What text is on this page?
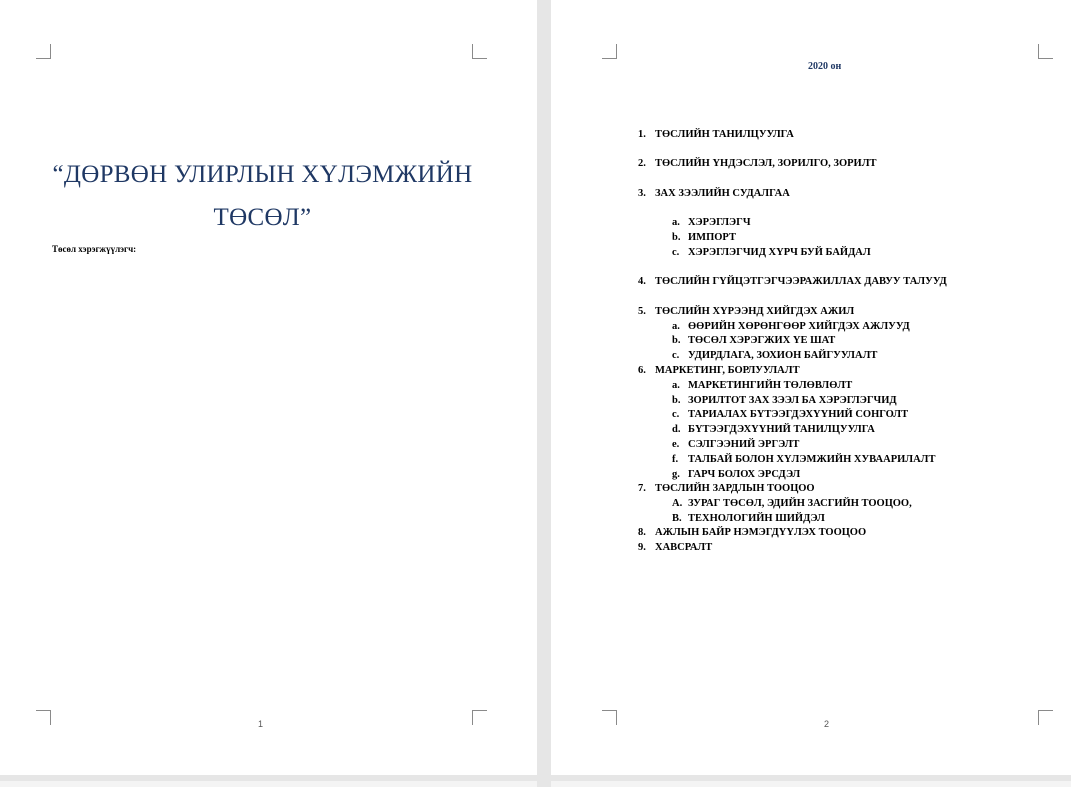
“ДӨРВӨН УЛИРЛЫН ХҮЛЭМЖИЙН
ТӨСӨЛ”
Төсөл хэрэгжүүлэгч:
1
2020 он
1. ТӨСЛИЙН ТАНИЛЦУУЛГА
2. ТӨСЛИЙН ҮНДЭСЛЭЛ, ЗОРИЛГО, ЗОРИЛТ
3. ЗАХ ЗЭЭЛИЙН СУДАЛГАА
a. ХЭРЭГЛЭГЧ
b. ИМПОРТ
c. ХЭРЭГЛЭГЧИД ХҮРЧ БУЙ БАЙДАЛ
4. ТӨСЛИЙН ГҮЙЦЭТГЭГЧЭЭРАЖИЛЛАХ ДАВУУ ТАЛУУД
5. ТӨСЛИЙН ХҮРЭЭНД ХИЙГДЭХ АЖИЛ
a. ӨӨРИЙН ХӨРӨНГӨӨР ХИЙГДЭХ АЖЛУУД
b. ТӨСӨЛ ХЭРЭГЖИХ ҮЕ ШАТ
c. УДИРДЛАГА, ЗОХИОН БАЙГУУЛАЛТ
6. МАРКЕТИНГ, БОРЛУУЛАЛТ
a. МАРКЕТИНГИЙН ТӨЛӨВЛӨЛТ
b. ЗОРИЛТОТ ЗАХ ЗЭЭЛ БА ХЭРЭГЛЭГЧИД
c. ТАРИАЛАХ БҮТЭЭГДЭХҮҮНИЙ СОНГОЛТ
d. БҮТЭЭГДЭХҮҮНИЙ ТАНИЛЦУУЛГА
e. СЭЛГЭЭНИЙ ЭРГЭЛТ
f. ТАЛБАЙ БОЛОН ХҮЛЭМЖИЙН ХУВААРИЛАЛТ
g. ГАРЧ БОЛОХ ЭРСДЭЛ
7. ТӨСЛИЙН ЗАРДЛЫН ТООЦОО
A. ЗУРАГ ТӨСӨЛ, ЭДИЙН ЗАСГИЙН ТООЦОО,
B. ТЕХНОЛОГИЙН ШИЙДЭЛ
8. АЖЛЫН БАЙР НЭМЭГДҮҮЛЭХ ТООЦОО
9. ХАВСРАЛТ
2
